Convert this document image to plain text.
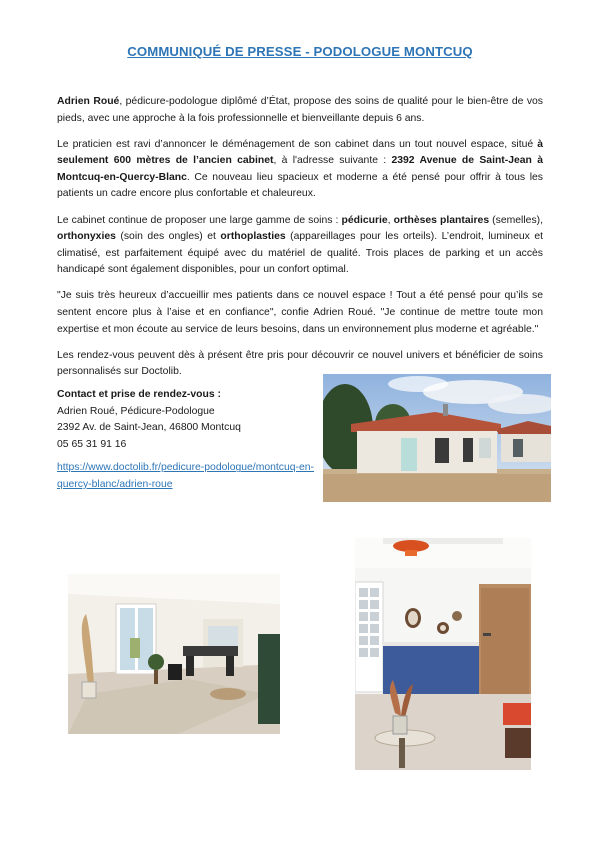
COMMUNIQUÉ DE PRESSE - PODOLOGUE MONTCUQ

Adrien Roué, pédicure-podologue diplômé d’État, propose des soins de qualité pour le bien-être de vos pieds, avec une approche à la fois professionnelle et bienveillante depuis 6 ans.

Le praticien est ravi d’annoncer le déménagement de son cabinet dans un tout nouvel espace, situé à seulement 600 mètres de l’ancien cabinet, à l'adresse suivante : 2392 Avenue de Saint-Jean à Montcuq-en-Quercy-Blanc. Ce nouveau lieu spacieux et moderne a été pensé pour offrir à tous les patients un cadre encore plus confortable et chaleureux.

Le cabinet continue de proposer une large gamme de soins : pédicurie, orthèses plantaires (semelles), orthonyxies (soin des ongles) et orthoplasties (appareillages pour les orteils). L’endroit, lumineux et climatisé, est parfaitement équipé avec du matériel de qualité. Trois places de parking et un accès handicapé sont également disponibles, pour un confort optimal.

"Je suis très heureux d’accueillir mes patients dans ce nouvel espace ! Tout a été pensé pour qu’ils se sentent encore plus à l’aise et en confiance", confie Adrien Roué. "Je continue de mettre toute mon expertise et mon écoute au service de leurs besoins, dans un environnement plus moderne et agréable."

Les rendez-vous peuvent dès à présent être pris pour découvrir ce nouvel univers et bénéficier de soins personnalisés sur Doctolib.

Contact et prise de rendez-vous :
Adrien Roué, Pédicure-Podologue
2392 Av. de Saint-Jean, 46800 Montcuq
05 65 31 91 16
https://www.doctolib.fr/pedicure-podologue/montcuq-en-quercy-blanc/adrien-roue
